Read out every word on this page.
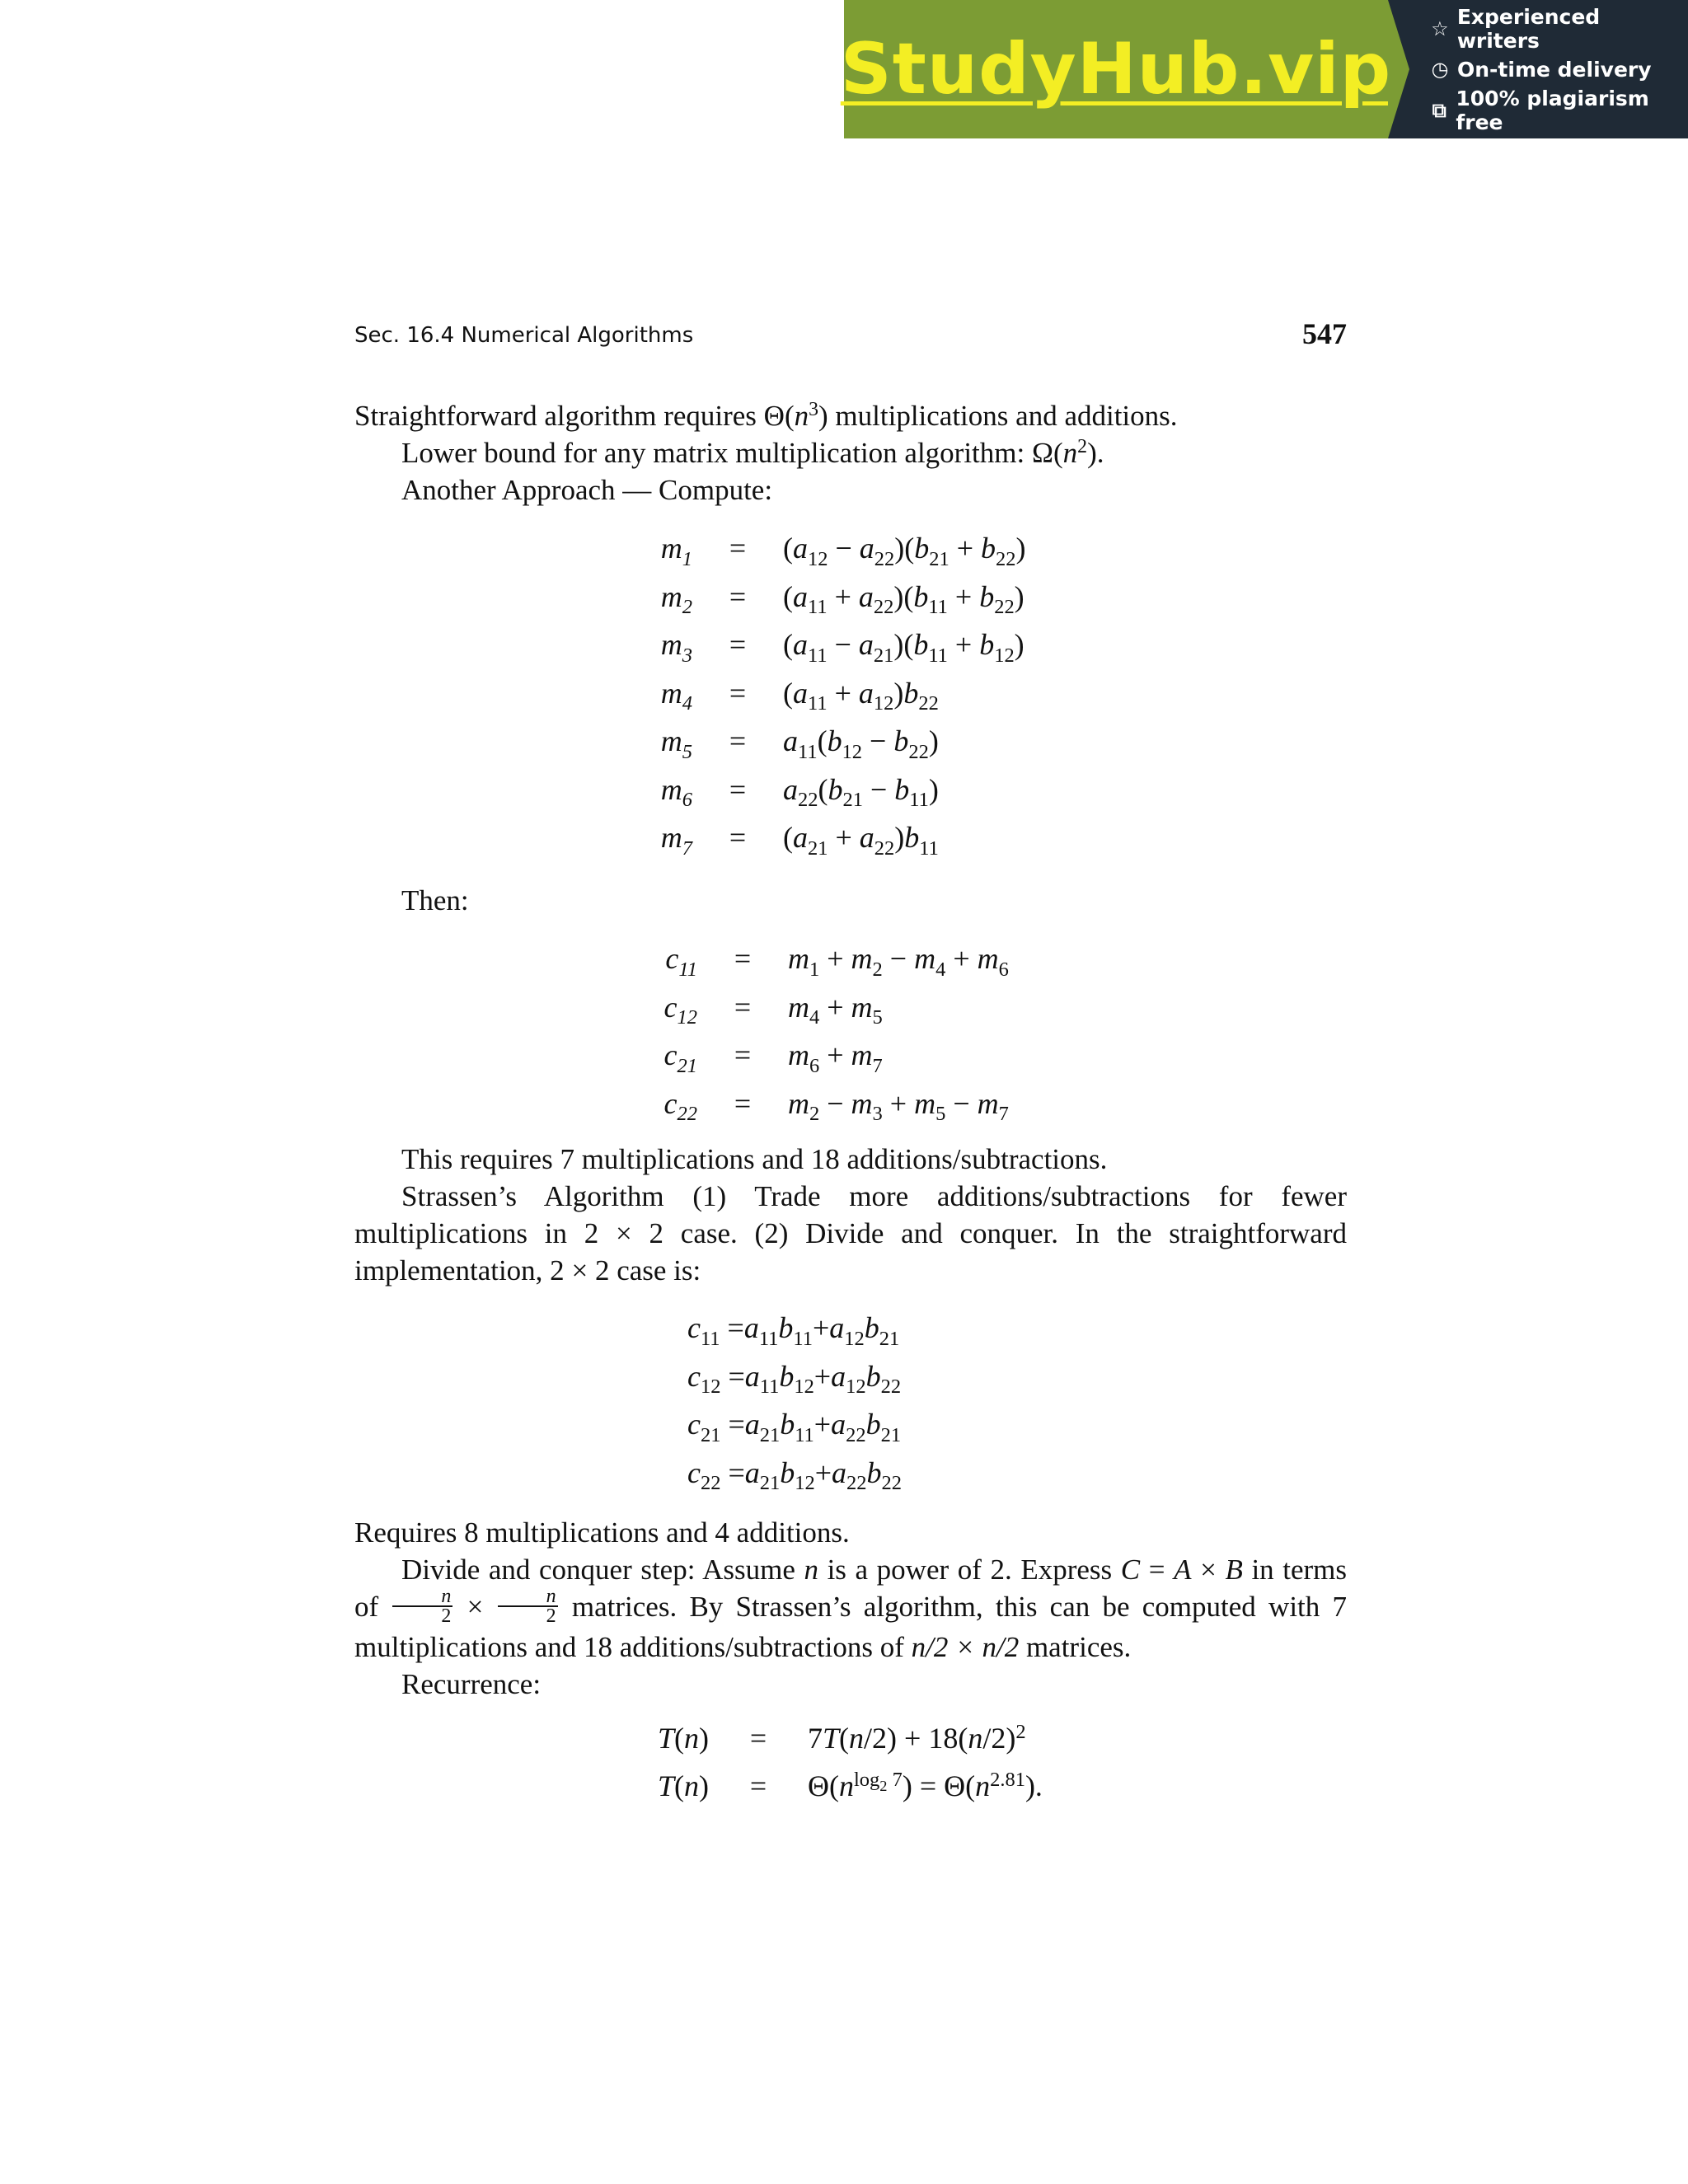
StudyHub.vip ☆ Experienced writers
◷ On-time delivery
⧉ 100% plagiarism free
Sec. 16.4 Numerical Algorithms	547
Straightforward algorithm requires $\Theta(n^3)$ multiplications and additions.
Lower bound for any matrix multiplication algorithm: $\Omega(n^2)$.
Another Approach — Compute:
$m_1$	=	$(a_{12} - a_{22})(b_{21} + b_{22})$
$m_2$	=	$(a_{11} + a_{22})(b_{11} + b_{22})$
$m_3$	=	$(a_{11} - a_{21})(b_{11} + b_{12})$
$m_4$	=	$(a_{11} + a_{12})b_{22}$
$m_5$	=	$a_{11}(b_{12} - b_{22})$
$m_6$	=	$a_{22}(b_{21} - b_{11})$
$m_7$	=	$(a_{21} + a_{22})b_{11}$
Then:
$c_{11}$	=	$m_1 + m_2 - m_4 + m_6$
$c_{12}$	=	$m_4 + m_5$
$c_{21}$	=	$m_6 + m_7$
$c_{22}$	=	$m_2 - m_3 + m_5 - m_7$
This requires 7 multiplications and 18 additions/subtractions.
Strassen’s Algorithm (1) Trade more additions/subtractions for fewer multiplications in 2 × 2 case. (2) Divide and conquer. In the straightforward implementation, 2 × 2 case is:
$c_{11} = a_{11}$ $b_{11} + a_{12}$ $b_{21}$
$c_{12} = a_{11}$ $b_{12} + a_{12}$ $b_{22}$
$c_{21} = a_{21}$ $b_{11} + a_{22}$ $b_{21}$
$c_{22} = a_{21}$ $b_{12} + a_{22}$ $b_{22}$
Requires 8 multiplications and 4 additions.
Divide and conquer step: Assume n is a power of 2. Express C = A × B in terms of $\frac{n}{2} \times \frac{n}{2}$ matrices. By Strassen’s algorithm, this can be computed with 7 multiplications and 18 additions/subtractions of n/2 × n/2 matrices.
Recurrence:
T(n)	=	$7T(n/2) + 18(n/2)^2$
T(n)	=	$\Theta(n^{log_2 7}) = \Theta(n^{2.81})$.
